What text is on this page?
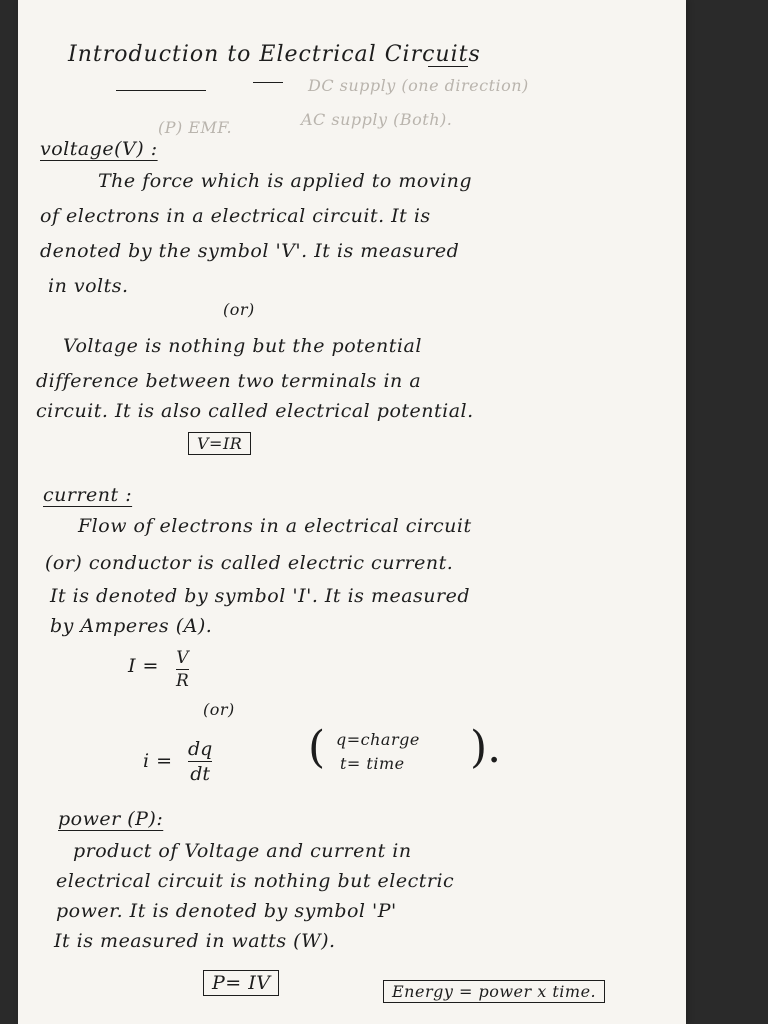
Introduction to Electrical Circuits

DC supply (one direction)

(P) EMF.	AC supply (Both).

voltage(V) :

The force which is applied to moving

of electrons in a electrical circuit. It is

denoted by the symbol 'V'. It is measured

in volts.

(or)

Voltage is nothing but the potential

difference between two terminals in a

circuit. It is also called electrical potential.

V=IR

current :

Flow of electrons in a electrical circuit

(or) conductor is called electric current.

It is denoted by symbol 'I'. It is measured

by Amperes (A).

I = V
R

(or)

i =

dq
dt
( q=charge

t= time ).

power (P):

product of Voltage and current in

electrical circuit is nothing but electric

power. It is denoted by symbol 'P'

It is measured in watts (W).

P= IV	Energy = power x time.
